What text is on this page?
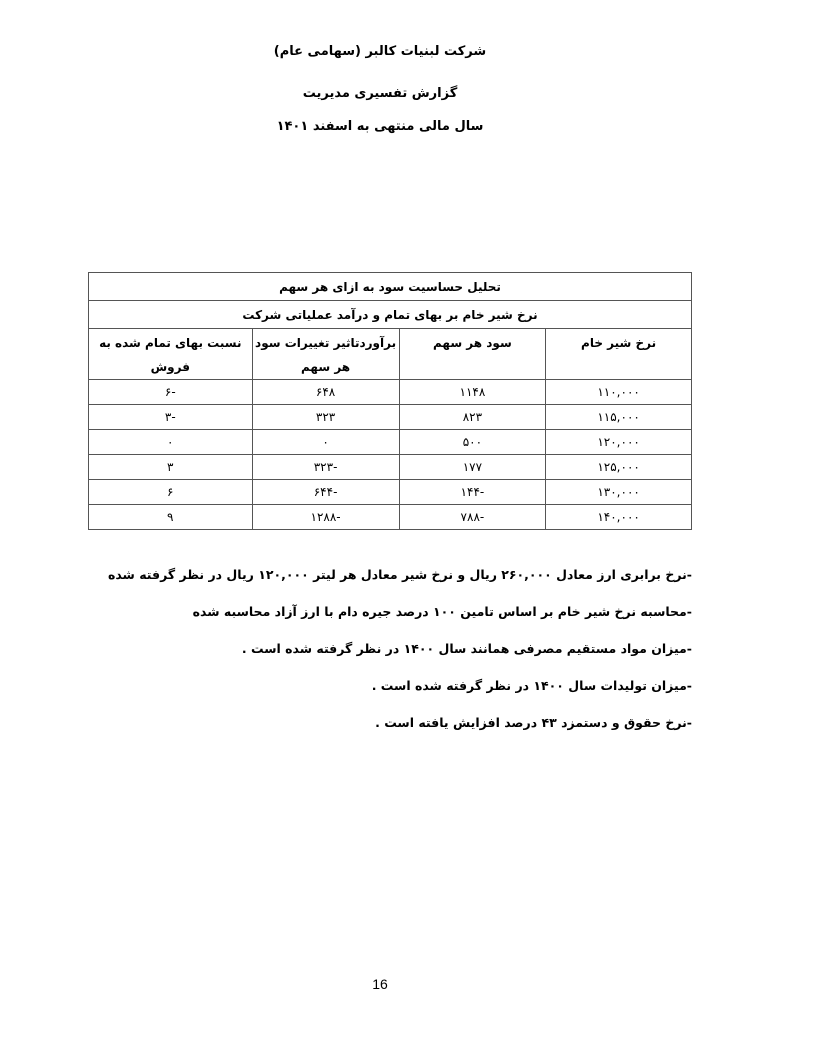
شرکت لبنیات کالبر (سهامی عام)
گزارش تفسیری مدیریت
سال مالی منتهی به اسفند ۱۴۰۱
تحلیل حساسیت سود به ازای هر سهم			
نرخ شیر خام بر بهای تمام و درآمد عملیاتی شرکت			
نرخ شیر خام	سود هر سهم	برآوردتاثیر تغییرات سود هر سهم	نسبت بهای تمام شده به فروش
۱۱۰,۰۰۰	۱۱۴۸	۶۴۸	-۶
۱۱۵,۰۰۰	۸۲۳	۳۲۳	-۳
۱۲۰,۰۰۰	۵۰۰	۰	۰
۱۲۵,۰۰۰	۱۷۷	-۳۲۳	۳
۱۳۰,۰۰۰	-۱۴۴	-۶۴۴	۶
۱۴۰,۰۰۰	-۷۸۸	-۱۲۸۸	۹
-نرخ برابری ارز معادل ۲۶۰,۰۰۰ ریال و نرخ شیر معادل هر لیتر ۱۲۰,۰۰۰ ریال در نظر گرفته شده
-محاسبه نرخ شیر خام بر اساس تامین ۱۰۰ درصد جیره دام با ارز آزاد محاسبه شده
-میزان مواد مستقیم مصرفی همانند سال ۱۴۰۰ در نظر گرفته شده است .
-میزان تولیدات سال ۱۴۰۰ در نظر گرفته شده است .
-نرخ حقوق و دستمزد ۴۳ درصد افزایش یافته است .
16
